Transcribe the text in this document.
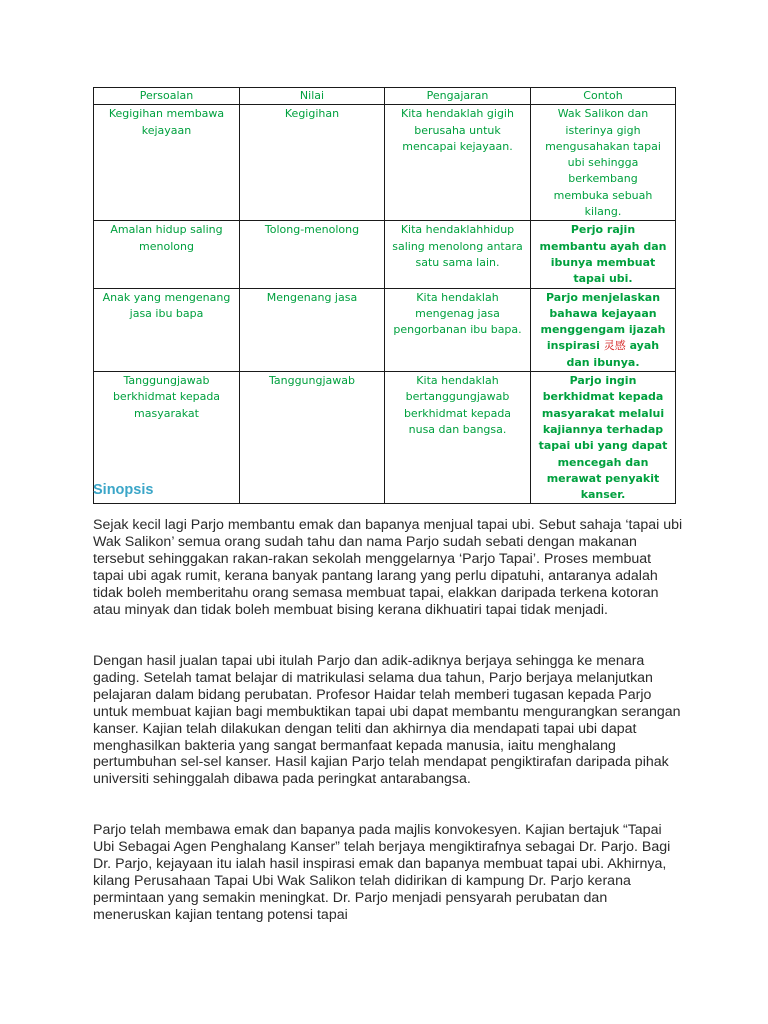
Persoalan	Nilai	Pengajaran	Contoh
Kegigihan membawa kejayaan	Kegigihan	Kita hendaklah gigih berusaha untuk mencapai kejayaan.	Wak Salikon dan isterinya gigh mengusahakan tapai ubi sehingga berkembang membuka sebuah kilang.
Amalan hidup saling menolong	Tolong-menolong	Kita hendaklahhidup saling menolong antara satu sama lain.	Perjo rajin membantu ayah dan ibunya membuat tapai ubi.
Anak yang mengenang jasa ibu bapa	Mengenang jasa	Kita hendaklah mengenag jasa pengorbanan ibu bapa.	Parjo menjelaskan bahawa kejayaan menggengam ijazah inspirasi 灵感 ayah dan ibunya.
Tanggungjawab berkhidmat kepada masyarakat	Tanggungjawab	Kita hendaklah bertanggungjawab berkhidmat kepada nusa dan bangsa.	Parjo ingin berkhidmat kepada masyarakat melalui kajiannya terhadap tapai ubi yang dapat mencegah dan merawat penyakit kanser.
Sinopsis

Sejak kecil lagi Parjo membantu emak dan bapanya menjual tapai ubi. Sebut sahaja ‘tapai ubi Wak Salikon’ semua orang sudah tahu dan nama Parjo sudah sebati dengan makanan tersebut sehinggakan rakan-rakan sekolah menggelarnya ‘Parjo Tapai’. Proses membuat tapai ubi agak rumit, kerana banyak pantang larang yang perlu dipatuhi, antaranya adalah tidak boleh memberitahu orang semasa membuat tapai, elakkan daripada terkena kotoran atau minyak dan tidak boleh membuat bising kerana dikhuatiri tapai tidak menjadi.

Dengan hasil jualan tapai ubi itulah Parjo dan adik-adiknya berjaya sehingga ke menara gading. Setelah tamat belajar di matrikulasi selama dua tahun, Parjo berjaya melanjutkan pelajaran dalam bidang perubatan. Profesor Haidar telah memberi tugasan kepada Parjo untuk membuat kajian bagi membuktikan tapai ubi dapat membantu mengurangkan serangan kanser. Kajian telah dilakukan dengan teliti dan akhirnya dia mendapati tapai ubi dapat menghasilkan bakteria yang sangat bermanfaat kepada manusia, iaitu menghalang pertumbuhan sel-sel kanser. Hasil kajian Parjo telah mendapat pengiktirafan daripada pihak universiti sehinggalah dibawa pada peringkat antarabangsa.

Parjo telah membawa emak dan bapanya pada majlis konvokesyen. Kajian bertajuk “Tapai Ubi Sebagai Agen Penghalang Kanser” telah berjaya mengiktirafnya sebagai Dr. Parjo. Bagi Dr. Parjo, kejayaan itu ialah hasil inspirasi emak dan bapanya membuat tapai ubi. Akhirnya, kilang Perusahaan Tapai Ubi Wak Salikon telah didirikan di kampung Dr. Parjo kerana permintaan yang semakin meningkat. Dr. Parjo menjadi pensyarah perubatan dan meneruskan kajian tentang potensi tapai
